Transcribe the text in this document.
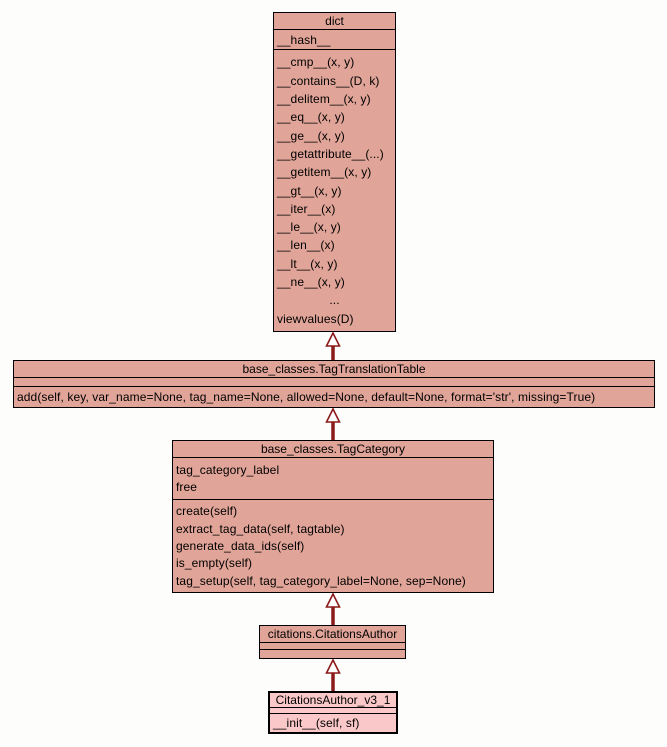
dict
__hash__
__cmp__(x, y)
__contains__(D, k)
__delitem__(x, y)
__eq__(x, y)
__ge__(x, y)
__getattribute__(...)
__getitem__(x, y)
__gt__(x, y)
__iter__(x)
__le__(x, y)
__len__(x)
__lt__(x, y)
__ne__(x, y)
...
viewvalues(D)
base_classes.TagTranslationTable
add(self, key, var_name=None, tag_name=None, allowed=None, default=None, format='str', missing=True)
base_classes.TagCategory
tag_category_label
free
create(self)
extract_tag_data(self, tagtable)
generate_data_ids(self)
is_empty(self)
tag_setup(self, tag_category_label=None, sep=None)
citations.CitationsAuthor
CitationsAuthor_v3_1
__init__(self, sf)
